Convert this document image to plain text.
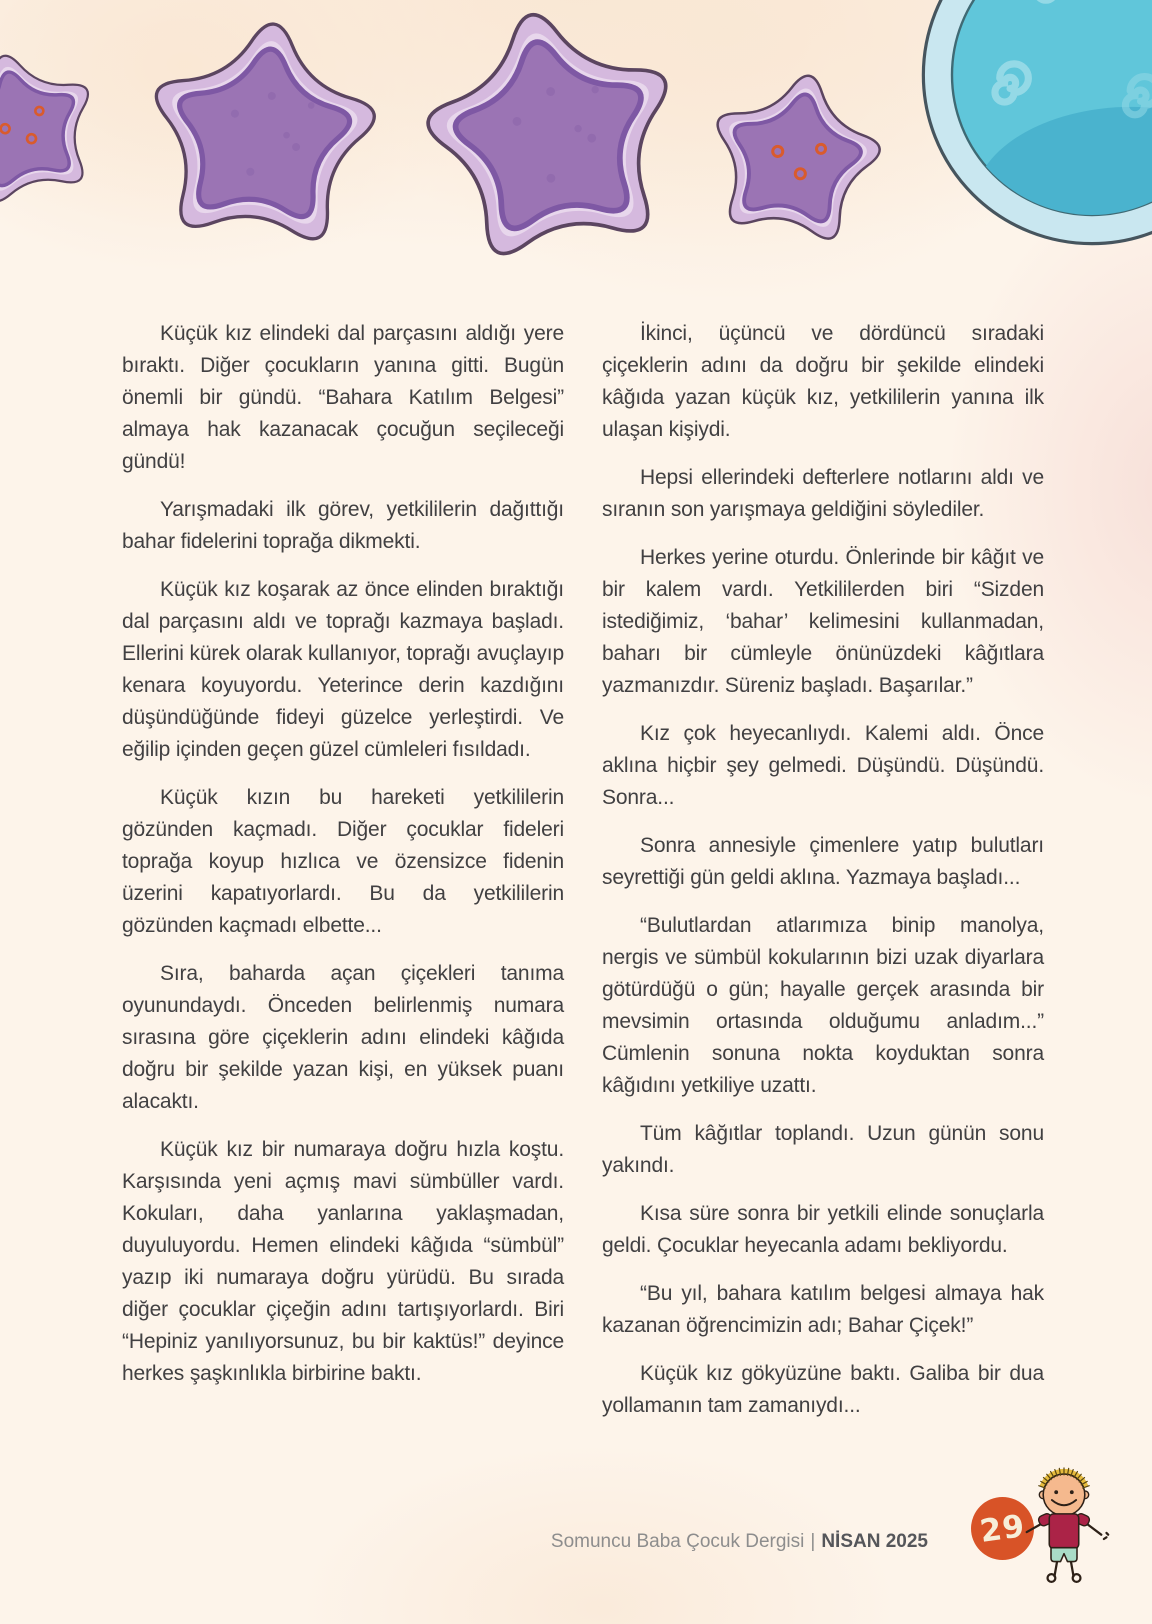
Küçük kız elindeki dal parçasını aldığı yere bıraktı. Diğer çocukların yanına gitti. Bugün önemli bir gündü. “Bahara Katılım Belgesi” almaya hak kazanacak çocuğun seçileceği gündü!

Yarışmadaki ilk görev, yetkililerin dağıttığı bahar fidelerini toprağa dikmekti.

Küçük kız koşarak az önce elinden bıraktığı dal parçasını aldı ve toprağı kazmaya başladı. Ellerini kürek olarak kullanıyor, toprağı avuçlayıp kenara koyuyordu. Yeterince derin kazdığını düşündüğünde fideyi güzelce yerleştirdi. Ve eğilip içinden geçen güzel cümleleri fısıldadı.

Küçük kızın bu hareketi yetkililerin gözünden kaçmadı. Diğer çocuklar fideleri toprağa koyup hızlıca ve özensizce fidenin üzerini kapatıyorlardı. Bu da yetkililerin gözünden kaçmadı elbette...

Sıra, baharda açan çiçekleri tanıma oyunundaydı. Önceden belirlenmiş numara sırasına göre çiçeklerin adını elindeki kâğıda doğru bir şekilde yazan kişi, en yüksek puanı alacaktı.

Küçük kız bir numaraya doğru hızla koştu. Karşısında yeni açmış mavi sümbüller vardı. Kokuları, daha yanlarına yaklaşmadan, duyuluyordu. Hemen elindeki kâğıda “sümbül” yazıp iki numaraya doğru yürüdü. Bu sırada diğer çocuklar çiçeğin adını tartışıyorlardı. Biri “Hepiniz yanılıyorsunuz, bu bir kaktüs!” deyince herkes şaşkınlıkla birbirine baktı.

İkinci, üçüncü ve dördüncü sıradaki çiçeklerin adını da doğru bir şekilde elindeki kâğıda yazan küçük kız, yetkililerin yanına ilk ulaşan kişiydi.

Hepsi ellerindeki defterlere notlarını aldı ve sıranın son yarışmaya geldiğini söylediler.

Herkes yerine oturdu. Önlerinde bir kâğıt ve bir kalem vardı. Yetkililerden biri “Sizden istediğimiz, ‘bahar’ kelimesini kullanmadan, baharı bir cümleyle önünüzdeki kâğıtlara yazmanızdır. Süreniz başladı. Başarılar.”

Kız çok heyecanlıydı. Kalemi aldı. Önce aklına hiçbir şey gelmedi. Düşündü. Düşündü. Sonra...

Sonra annesiyle çimenlere yatıp bulutları seyrettiği gün geldi aklına. Yazmaya başladı...

“Bulutlardan atlarımıza binip manolya, nergis ve sümbül kokularının bizi uzak diyarlara götürdüğü o gün; hayalle gerçek arasında bir mevsimin ortasında olduğumu anladım...” Cümlenin sonuna nokta koyduktan sonra kâğıdını yetkiliye uzattı.

Tüm kâğıtlar toplandı. Uzun günün sonu yakındı.

Kısa süre sonra bir yetkili elinde sonuçlarla geldi. Çocuklar heyecanla adamı bekliyordu.

“Bu yıl, bahara katılım belgesi almaya hak kazanan öğrencimizin adı; Bahar Çiçek!”

Küçük kız gökyüzüne baktı. Galiba bir dua yollamanın tam zamanıydı...

Somuncu Baba Çocuk Dergisi | NİSAN 2025 29
